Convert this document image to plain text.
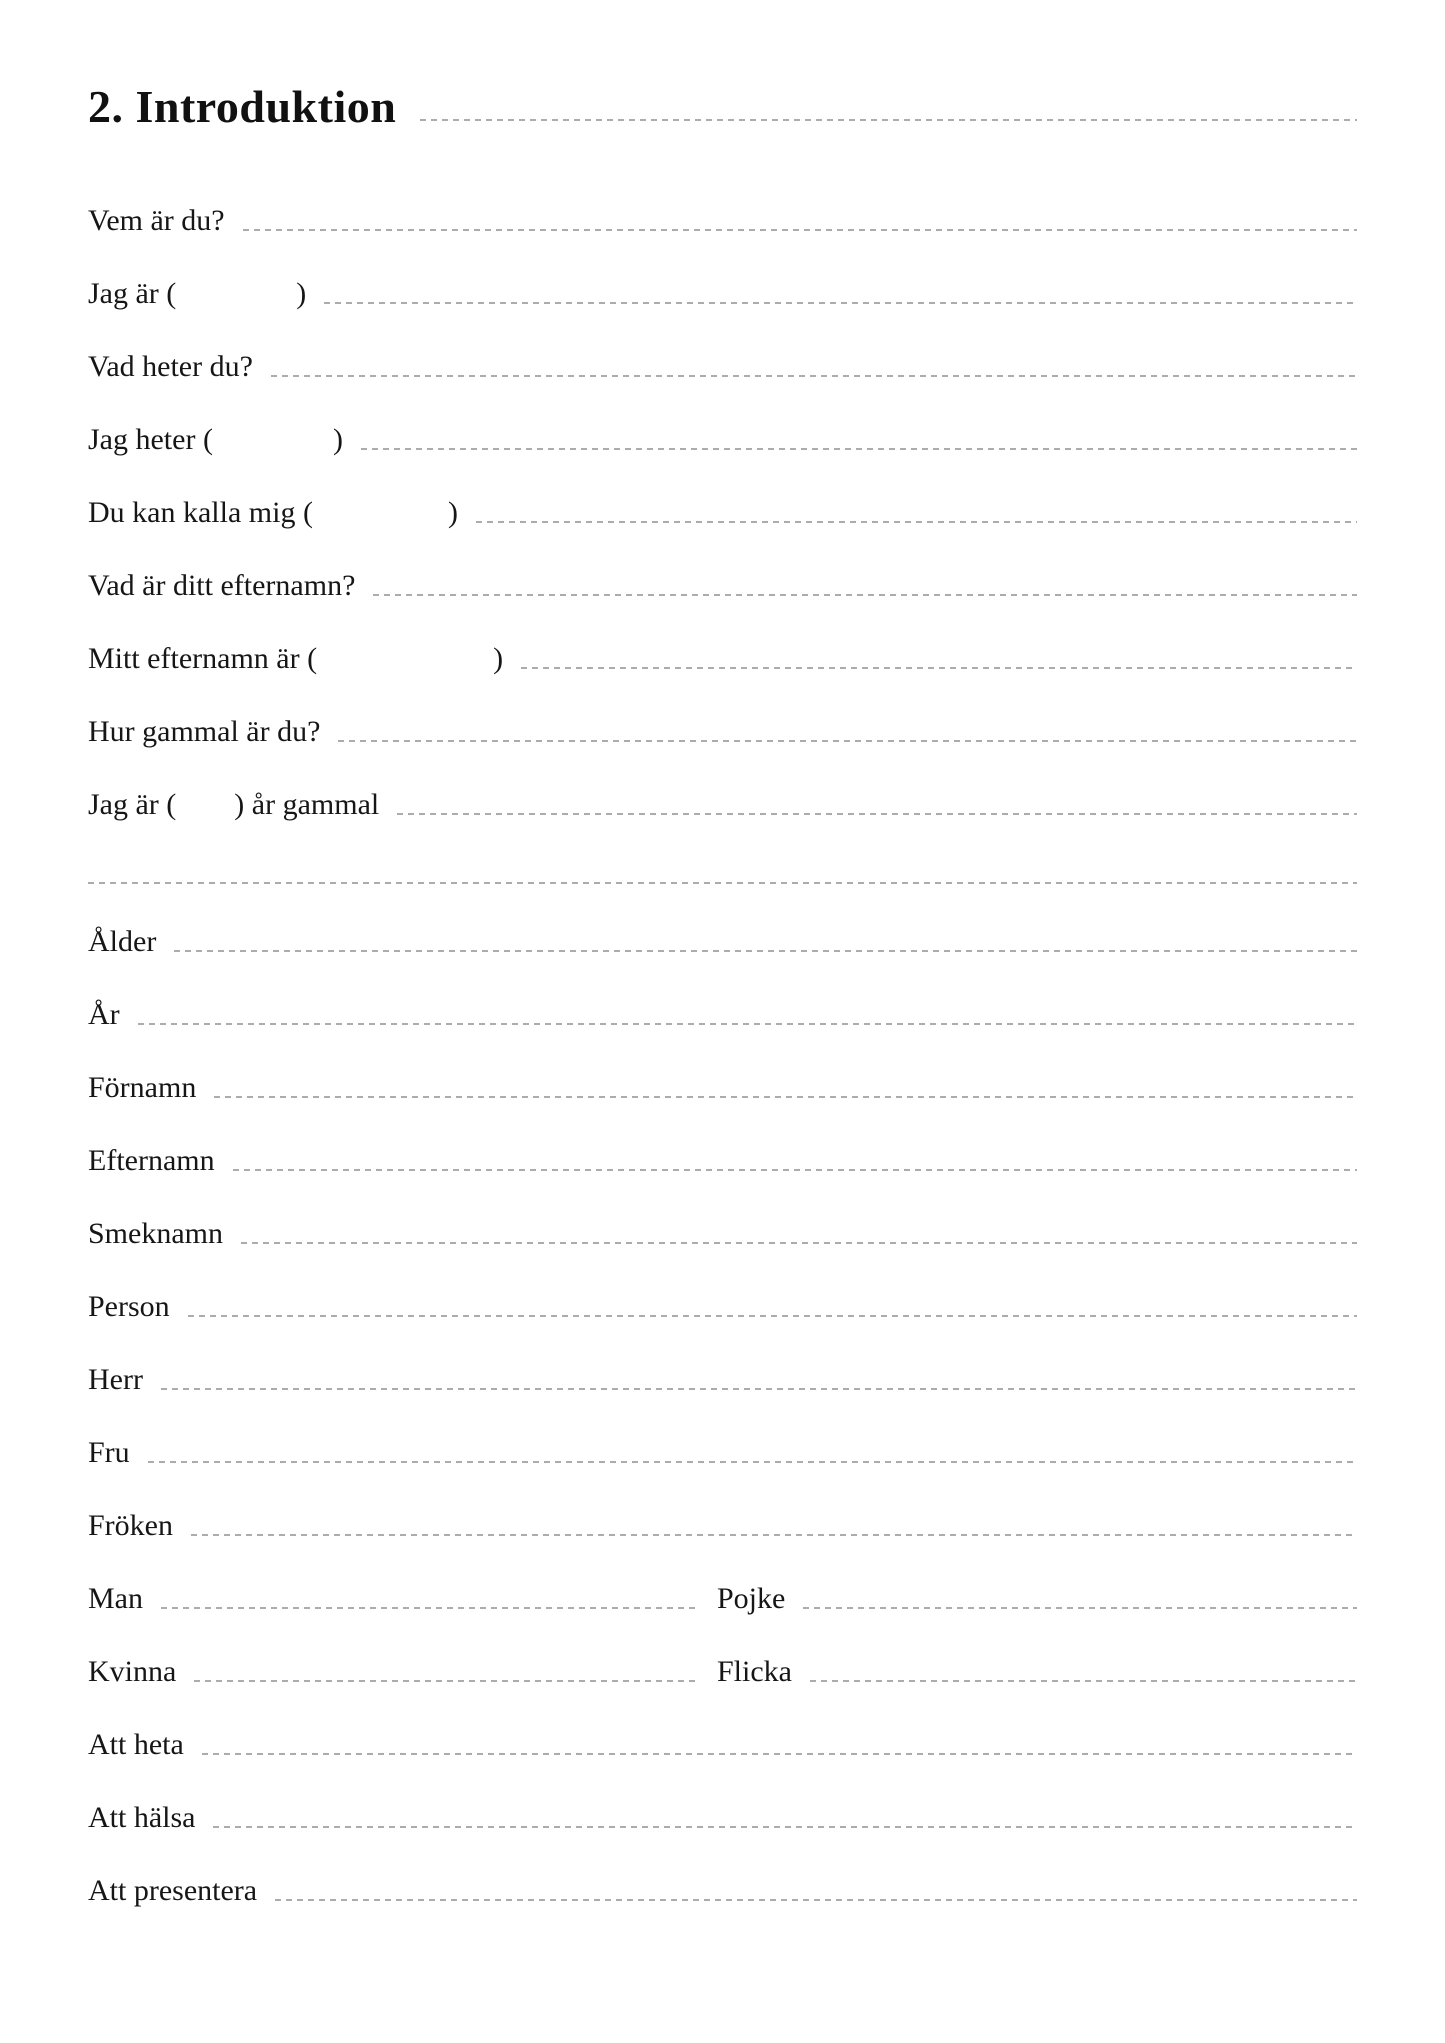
2. Introduktion
Vem är du?
Jag är (	)
Vad heter du?
Jag heter (	)
Du kan kalla mig (	)
Vad är ditt efternamn?
Mitt efternamn är (	)
Hur gammal är du?
Jag är ( ) år gammal
Ålder
År
Förnamn
Efternamn
Smeknamn
Person
Herr
Fru
Fröken
Man	Pojke
Kvinna	Flicka
Att heta
Att hälsa
Att presentera
